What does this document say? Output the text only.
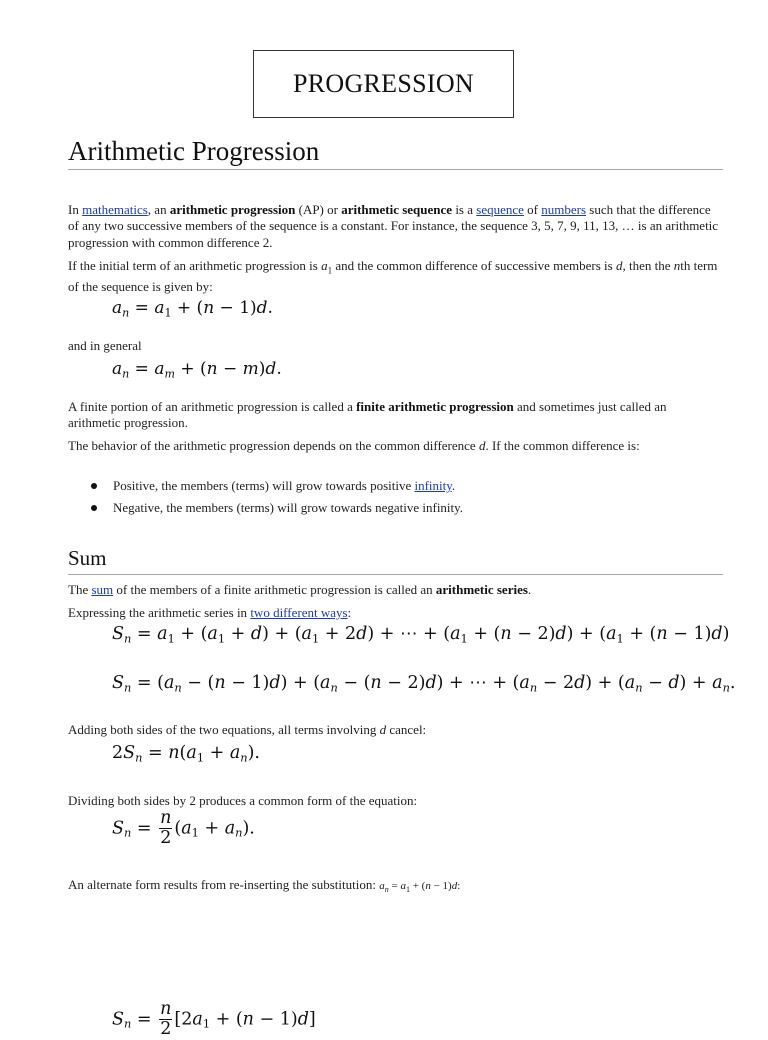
PROGRESSION
Arithmetic Progression

In mathematics, an arithmetic progression (AP) or arithmetic sequence is a sequence of numbers such that the difference of any two successive members of the sequence is a constant. For instance, the sequence 3, 5, 7, 9, 11, 13, … is an arithmetic progression with common difference 2.

If the initial term of an arithmetic progression is $a_1$ and the common difference of successive members is d, then the nth term of the sequence is given by:

$a_n = a_1 + (n - 1)d$.

and in general

$a_n = a_m + (n - m)d$.

A finite portion of an arithmetic progression is called a finite arithmetic progression and sometimes just called an arithmetic progression.

The behavior of the arithmetic progression depends on the common difference d. If the common difference is:

Positive, the members (terms) will grow towards positive infinity.
Negative, the members (terms) will grow towards negative infinity.
Sum

The sum of the members of a finite arithmetic progression is called an arithmetic series.

Expressing the arithmetic series in two different ways:

$S_n = a_1 + (a_1 + d) + (a_1 + 2d)$ + ⋯ + $(a_1 + (n - 2)d) + (a_1 + (n - 1)d)$
$S_n = (a_n - (n - 1)d) + (a_n - (n - 2)d)$ + ⋯ + $(a_n - 2d) + (a_n - d) + a_n$.

Adding both sides of the two equations, all terms involving d cancel:

$2S_n = n(a_1 + a_n)$.

Dividing both sides by 2 produces a common form of the equation:

$S_n = \frac{n}{2} (a_1 + a_n)$.

An alternate form results from re-inserting the substitution: $a_n = a_1 + (n - 1)d$:

$S_n = \frac{n}{2} [2a_1 + (n - 1)d]$
